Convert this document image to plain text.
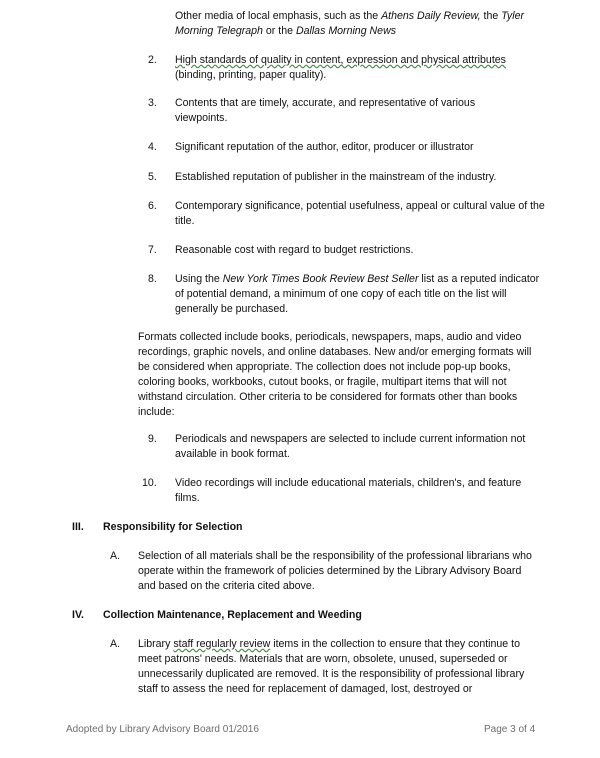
Other media of local emphasis, such as the Athens Daily Review, the Tyler Morning Telegraph or the Dallas Morning News
2. High standards of quality in content, expression and physical attributes (binding, printing, paper quality).
3. Contents that are timely, accurate, and representative of various viewpoints.
4. Significant reputation of the author, editor, producer or illustrator
5. Established reputation of publisher in the mainstream of the industry.
6. Contemporary significance, potential usefulness, appeal or cultural value of the title.
7. Reasonable cost with regard to budget restrictions.
8. Using the New York Times Book Review Best Seller list as a reputed indicator of potential demand, a minimum of one copy of each title on the list will generally be purchased.
Formats collected include books, periodicals, newspapers, maps, audio and video recordings, graphic novels, and online databases. New and/or emerging formats will be considered when appropriate. The collection does not include pop-up books, coloring books, workbooks, cutout books, or fragile, multipart items that will not withstand circulation. Other criteria to be considered for formats other than books include:
9. Periodicals and newspapers are selected to include current information not available in book format.
10. Video recordings will include educational materials, children's, and feature films.
III. Responsibility for Selection
A. Selection of all materials shall be the responsibility of the professional librarians who operate within the framework of policies determined by the Library Advisory Board and based on the criteria cited above.
IV. Collection Maintenance, Replacement and Weeding
A. Library staff regularly review items in the collection to ensure that they continue to meet patrons' needs. Materials that are worn, obsolete, unused, superseded or unnecessarily duplicated are removed. It is the responsibility of professional library staff to assess the need for replacement of damaged, lost, destroyed or
Adopted by Library Advisory Board 01/2016	Page 3 of 4
